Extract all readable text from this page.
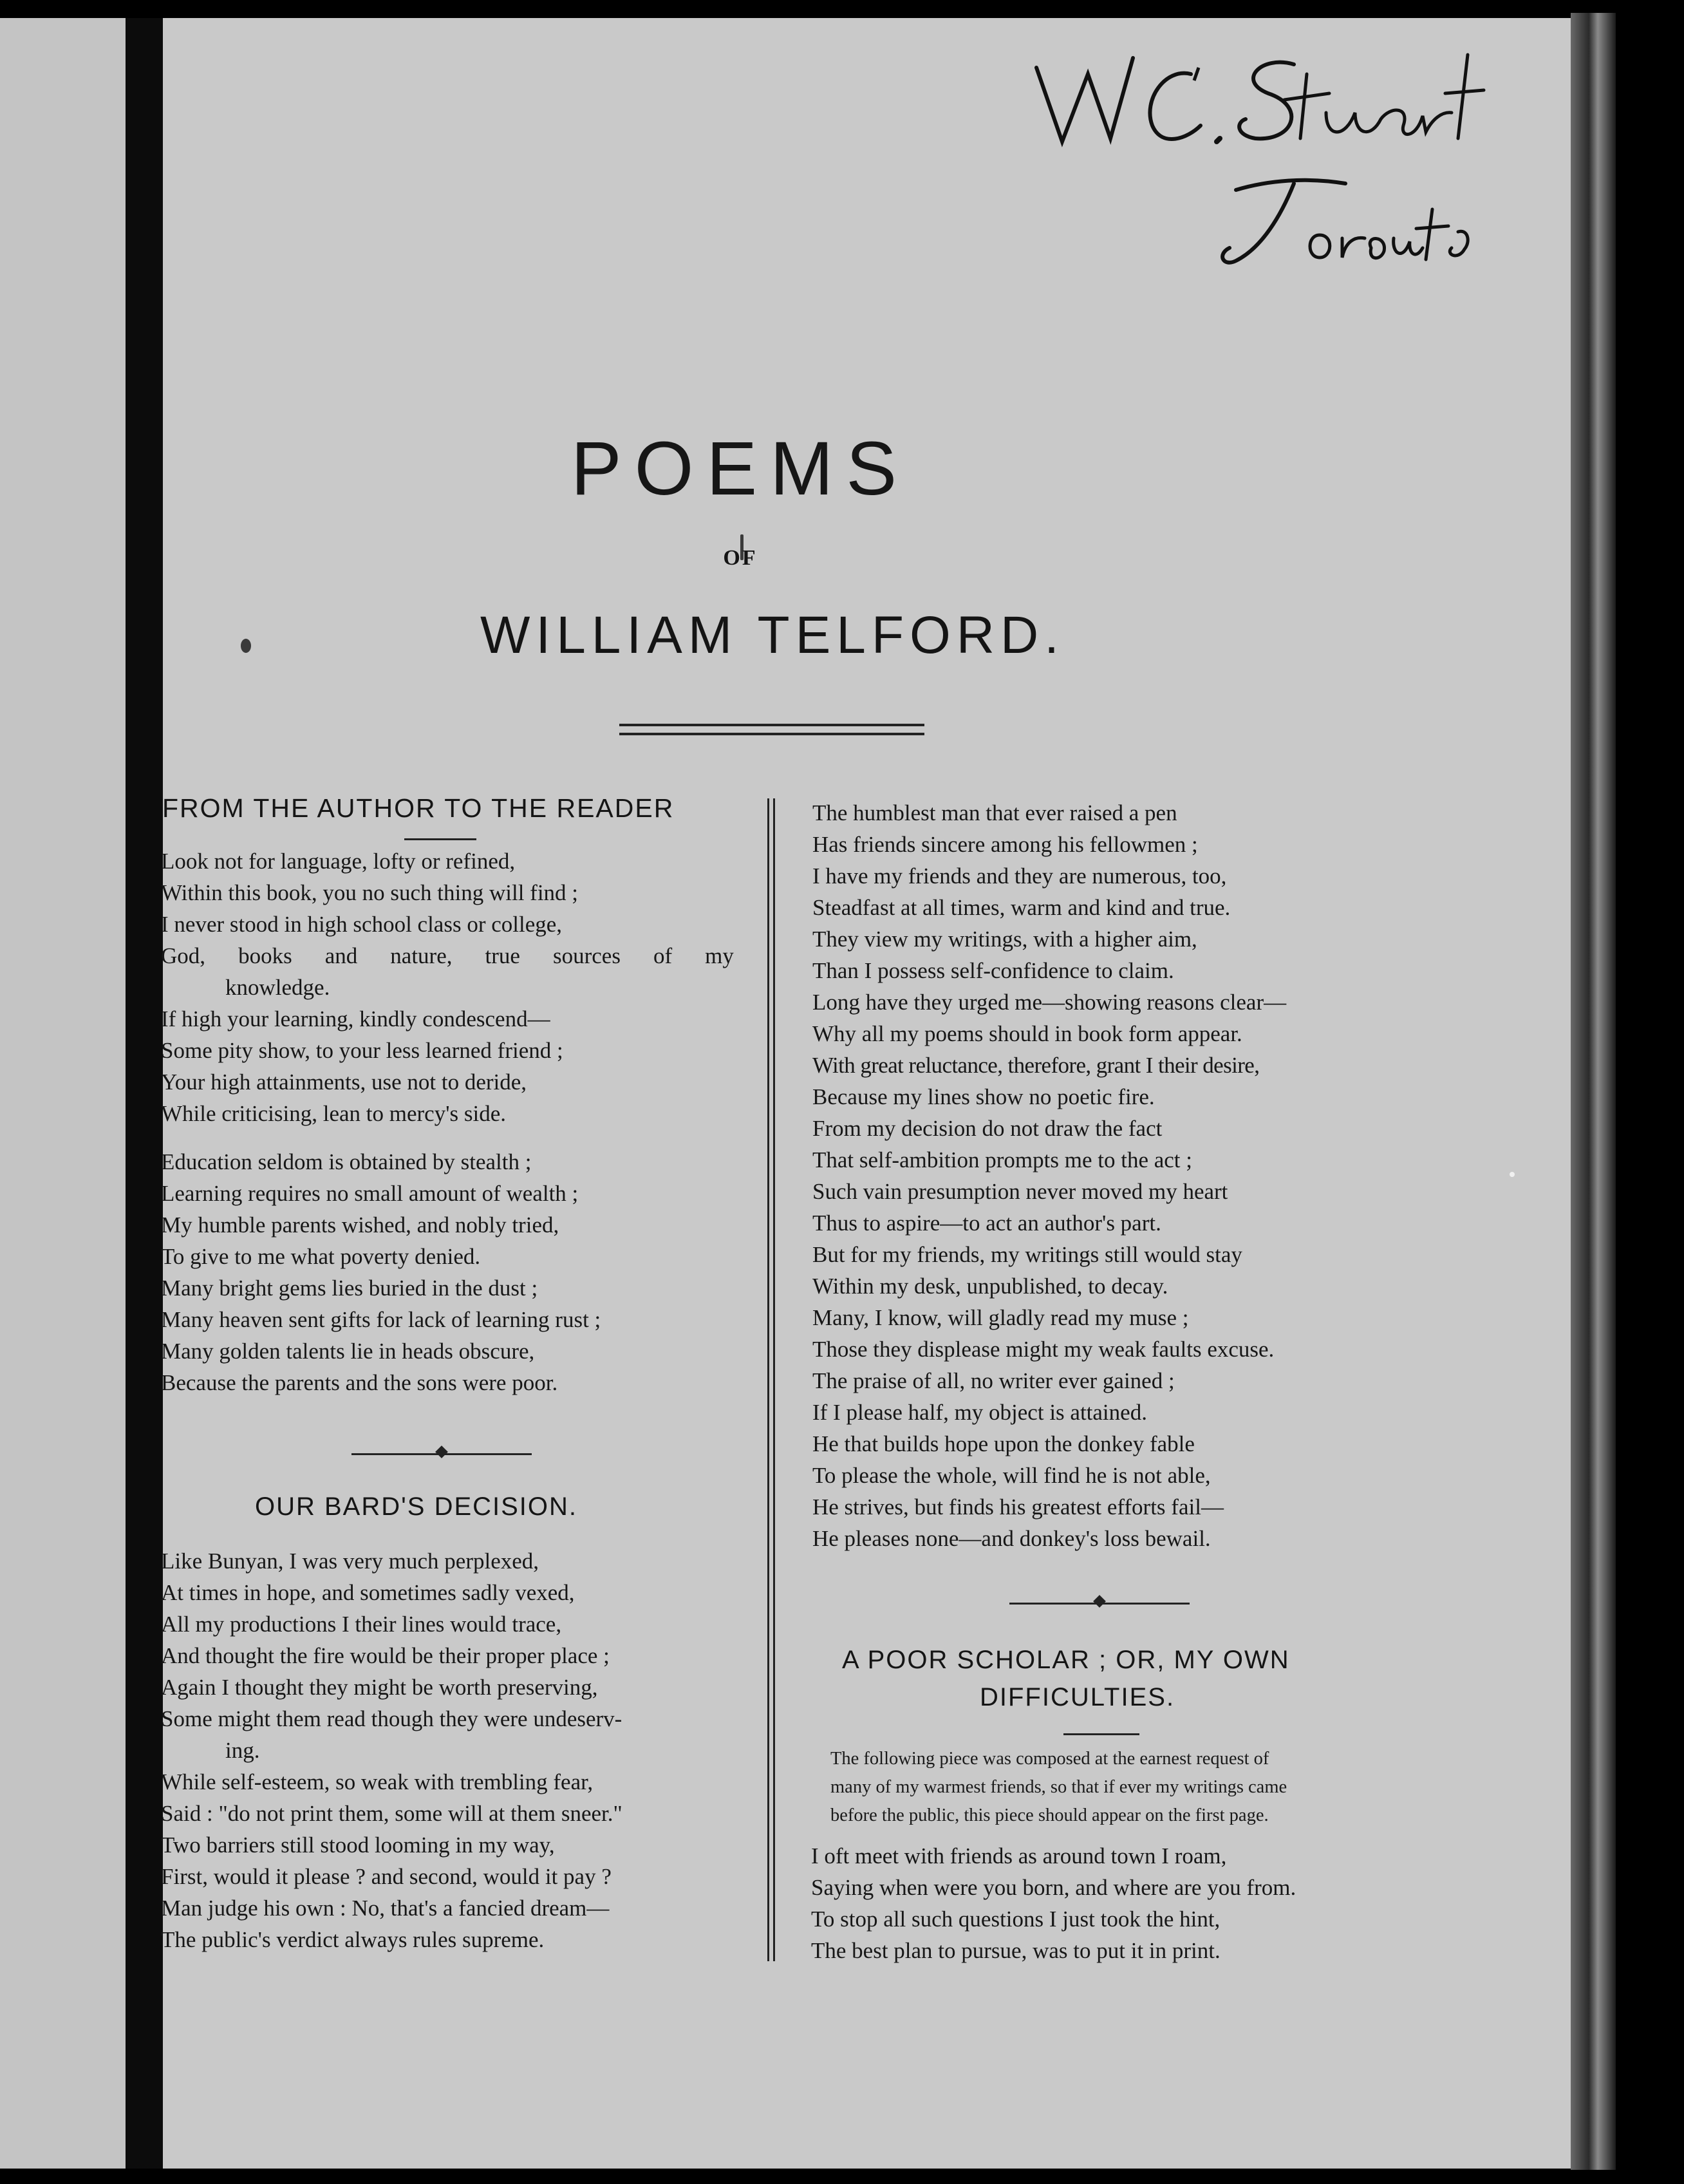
POEMS
OF
WILLIAM TELFORD.
FROM THE AUTHOR TO THE READER
Look not for language, lofty or refined,
Within this book, you no such thing will find ;
I never stood in high school class or college,
God, books and nature, true sources of my
knowledge.
If high your learning, kindly condescend—
Some pity show, to your less learned friend ;
Your high attainments, use not to deride,
While criticising, lean to mercy's side.
Education seldom is obtained by stealth ;
Learning requires no small amount of wealth ;
My humble parents wished, and nobly tried,
To give to me what poverty denied.
Many bright gems lies buried in the dust ;
Many heaven sent gifts for lack of learning rust ;
Many golden talents lie in heads obscure,
Because the parents and the sons were poor.
OUR BARD'S DECISION.
Like Bunyan, I was very much perplexed,
At times in hope, and sometimes sadly vexed,
All my productions I their lines would trace,
And thought the fire would be their proper place ;
Again I thought they might be worth preserving,
Some might them read though they were undeserv-
ing.
While self-esteem, so weak with trembling fear,
Said : "do not print them, some will at them sneer."
Two barriers still stood looming in my way,
First, would it please ? and second, would it pay ?
Man judge his own : No, that's a fancied dream—
The public's verdict always rules supreme.
The humblest man that ever raised a pen
Has friends sincere among his fellowmen ;
I have my friends and they are numerous, too,
Steadfast at all times, warm and kind and true.
They view my writings, with a higher aim,
Than I possess self-confidence to claim.
Long have they urged me—showing reasons clear—
Why all my poems should in book form appear.
With great reluctance, therefore, grant I their desire,
Because my lines show no poetic fire.
From my decision do not draw the fact
That self-ambition prompts me to the act ;
Such vain presumption never moved my heart
Thus to aspire—to act an author's part.
But for my friends, my writings still would stay
Within my desk, unpublished, to decay.
Many, I know, will gladly read my muse ;
Those they displease might my weak faults excuse.
The praise of all, no writer ever gained ;
If I please half, my object is attained.
He that builds hope upon the donkey fable
To please the whole, will find he is not able,
He strives, but finds his greatest efforts fail—
He pleases none—and donkey's loss bewail.
A POOR SCHOLAR ; OR, MY OWN
DIFFICULTIES.
The following piece was composed at the earnest request of
many of my warmest friends, so that if ever my writings came
before the public, this piece should appear on the first page.
I oft meet with friends as around town I roam,
Saying when were you born, and where are you from.
To stop all such questions I just took the hint,
The best plan to pursue, was to put it in print.
